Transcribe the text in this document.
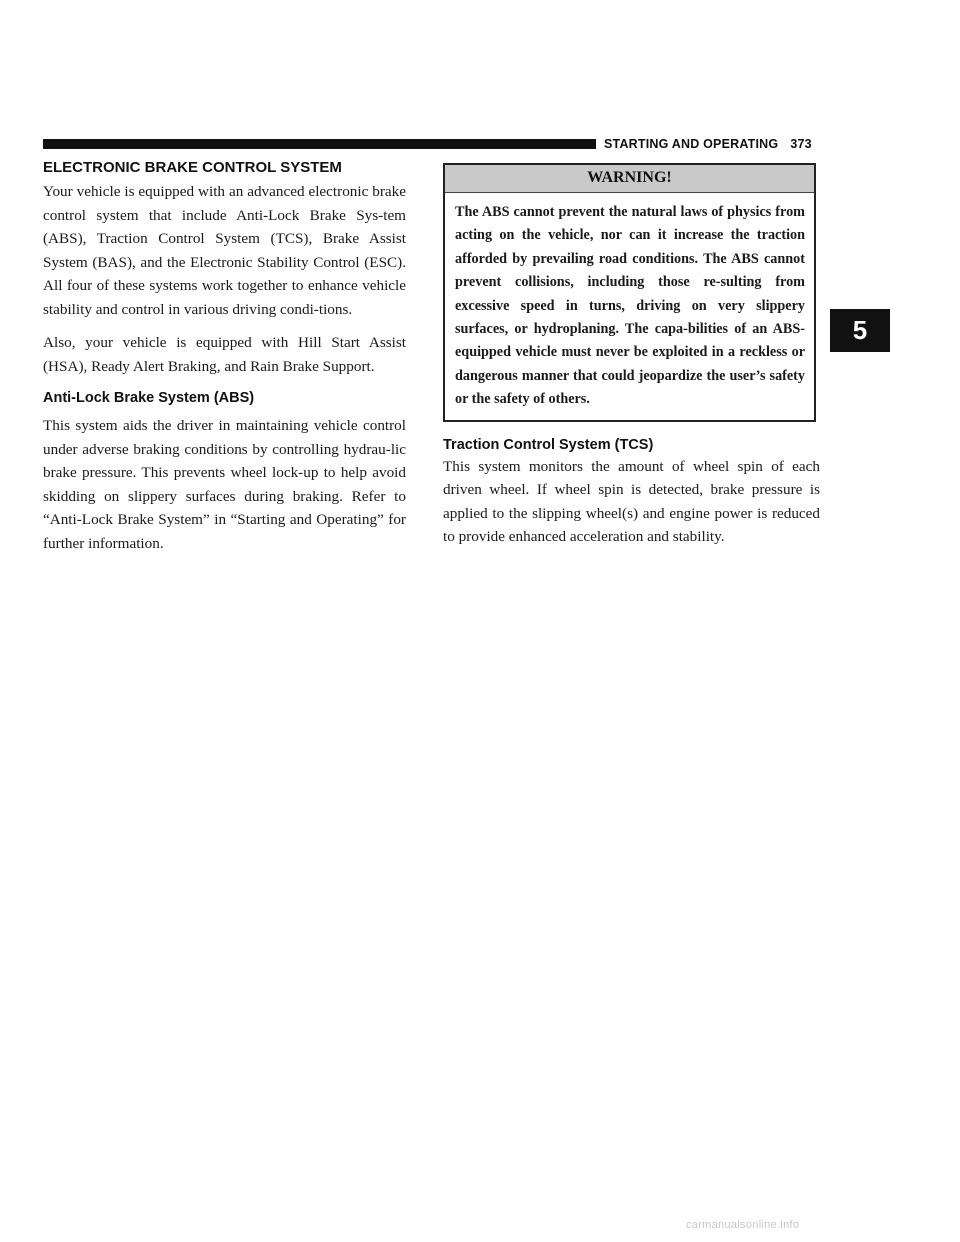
STARTING AND OPERATING 373
ELECTRONIC BRAKE CONTROL SYSTEM

Your vehicle is equipped with an advanced electronic brake control system that include Anti-Lock Brake Sys-tem (ABS), Traction Control System (TCS), Brake Assist System (BAS), and the Electronic Stability Control (ESC). All four of these systems work together to enhance vehicle stability and control in various driving condi-tions.

Also, your vehicle is equipped with Hill Start Assist (HSA), Ready Alert Braking, and Rain Brake Support.

Anti-Lock Brake System (ABS)

This system aids the driver in maintaining vehicle control under adverse braking conditions by controlling hydrau-lic brake pressure. This prevents wheel lock-up to help avoid skidding on slippery surfaces during braking. Refer to “Anti-Lock Brake System” in “Starting and Operating” for further information.

WARNING!
The ABS cannot prevent the natural laws of physics from acting on the vehicle, nor can it increase the traction afforded by prevailing road conditions. The ABS cannot prevent collisions, including those re-sulting from excessive speed in turns, driving on very slippery surfaces, or hydroplaning. The capa-bilities of an ABS-equipped vehicle must never be exploited in a reckless or dangerous manner that could jeopardize the user’s safety or the safety of others.
Traction Control System (TCS)

This system monitors the amount of wheel spin of each driven wheel. If wheel spin is detected, brake pressure is applied to the slipping wheel(s) and engine power is reduced to provide enhanced acceleration and stability.

5
carmanualsonline.info
